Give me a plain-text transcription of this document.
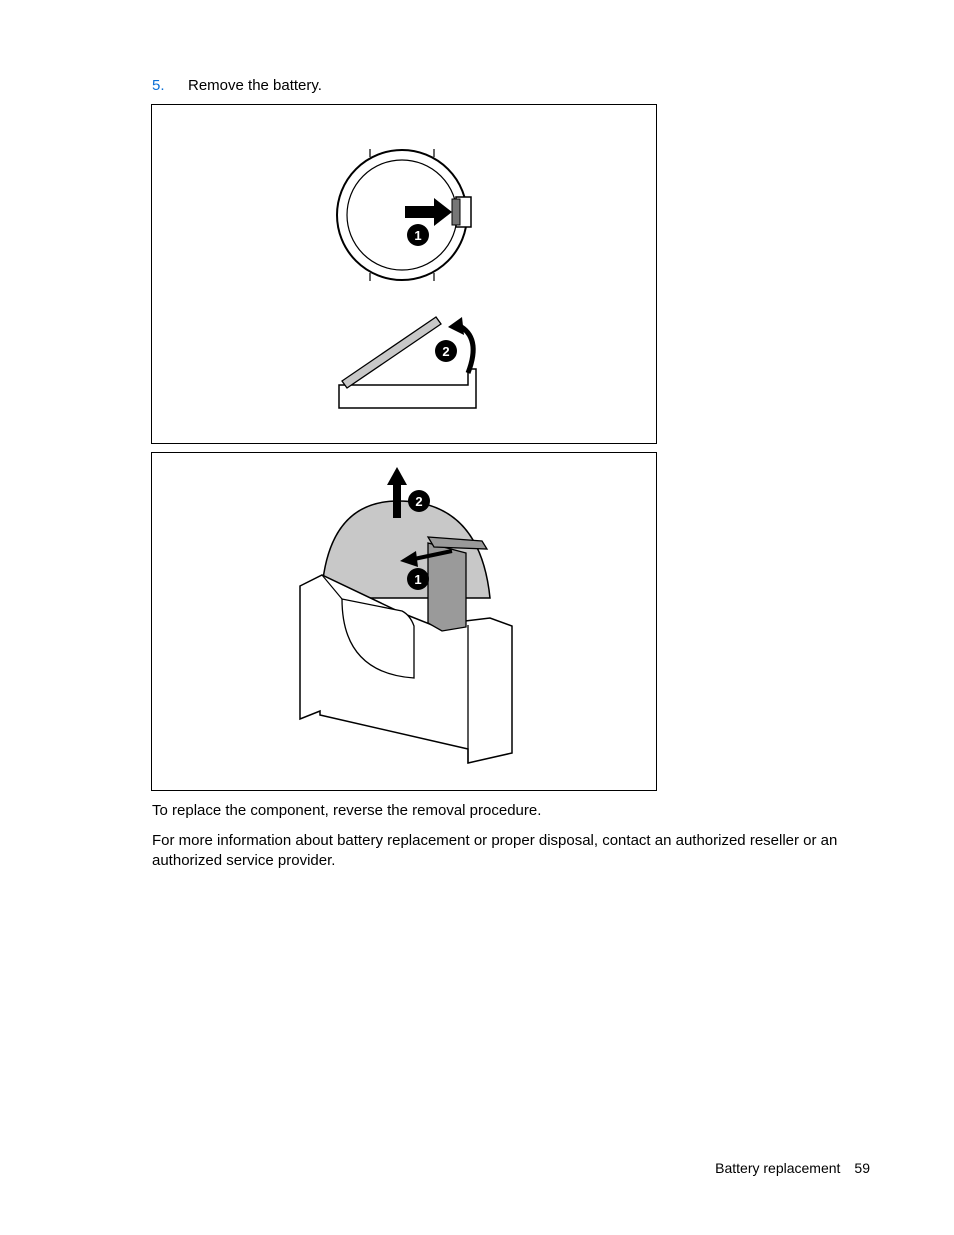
5. Remove the battery.
1
2
2
1
To replace the component, reverse the removal procedure.
For more information about battery replacement or proper disposal, contact an authorized reseller or an authorized service provider.
Battery replacement 59
